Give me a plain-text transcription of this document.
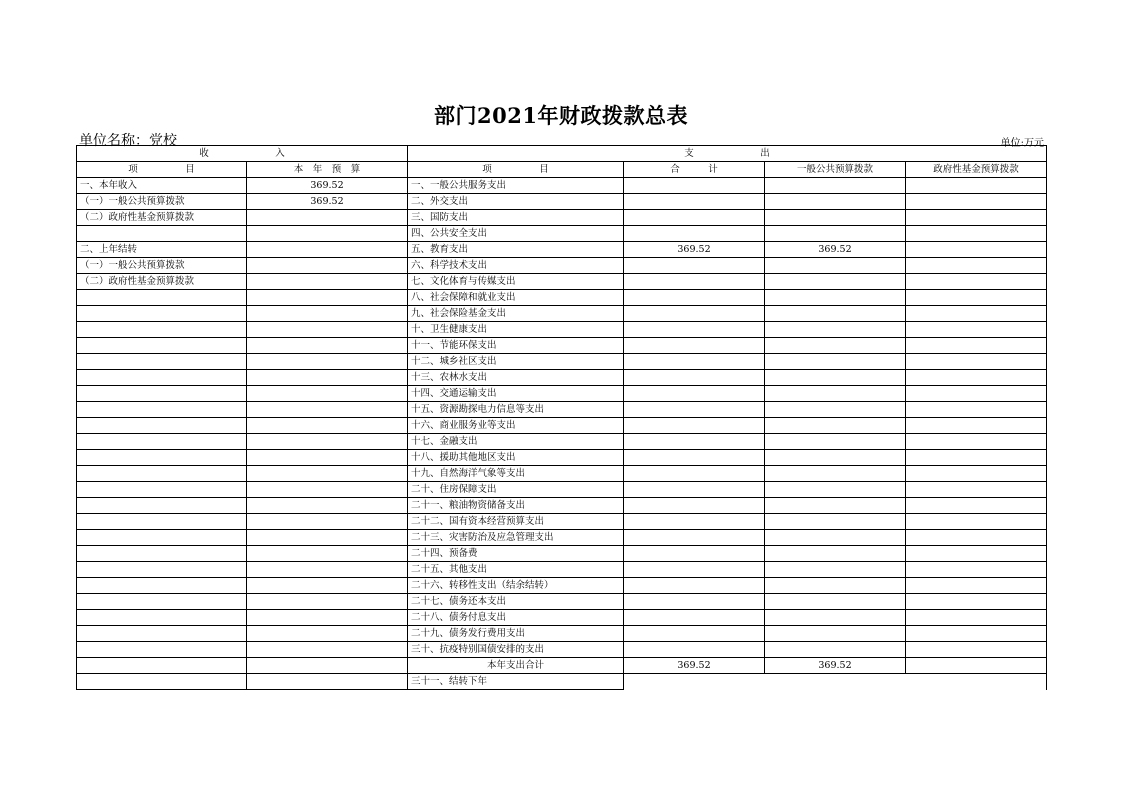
部门2021年财政拨款总表
单位名称：党校	单位:万元
收　　　　　　　入		支　　　　　　　出			
项　　　　　目	本　年　预　算	项　　　　　目	合　　　计	一般公共预算拨款	政府性基金预算拨款
一、本年收入	369.52	一、一般公共服务支出			
（一）一般公共预算拨款	369.52	二、外交支出			
（二）政府性基金预算拨款		三、国防支出			
		四、公共安全支出			
二、上年结转		五、教育支出	369.52	369.52	
（一）一般公共预算拨款		六、科学技术支出			
（二）政府性基金预算拨款		七、文化体育与传媒支出			
		八、社会保障和就业支出			
		九、社会保险基金支出			
		十、卫生健康支出			
		十一、节能环保支出			
		十二、城乡社区支出			
		十三、农林水支出			
		十四、交通运输支出			
		十五、资源勘探电力信息等支出			
		十六、商业服务业等支出			
		十七、金融支出			
		十八、援助其他地区支出			
		十九、自然海洋气象等支出			
		二十、住房保障支出			
		二十一、粮油物资储备支出			
		二十二、国有资本经营预算支出			
		二十三、灾害防治及应急管理支出			
		二十四、预备费			
		二十五、其他支出			
		二十六、转移性支出（结余结转）			
		二十七、债务还本支出			
		二十八、债务付息支出			
		二十九、债务发行费用支出			
		三十、抗疫特别国债安排的支出			
		本年支出合计	369.52	369.52	
		三十一、结转下年			
